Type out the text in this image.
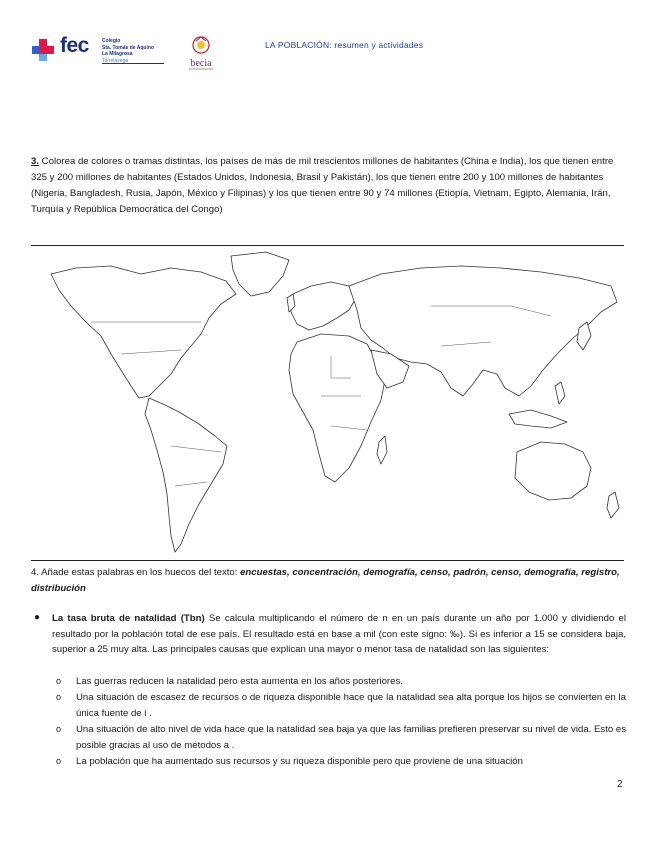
fec	Colegio
Sta. Tomás de Aquino
La Milagrosa
Torrelavega	becia
LA POBLACIÓN: resumen y actividades
3. Colorea de colores o tramas distintas, los países de más de mil trescientos millones de habitantes (China e India), los que tienen entre 325 y 200 millones de habitantes (Estados Unidos, Indonesia, Brasil y Pakistán), los que tienen entre 200 y 100 millones de habitantes (Nigeria, Bangladesh, Rusia, Japón, México y Filipinas) y los que tienen entre 90 y 74 millones (Etiopía, Vietnam, Egipto, Alemania, Irán, Turquía y República Democrática del Congo)
4. Añade estas palabras en los huecos del texto: encuestas, concentración, demografía, censo, padrón, censo, demografía, registro, distribución
● La tasa bruta de natalidad (Tbn) Se calcula multiplicando el número de n en un país durante un año por 1.000 y dividiendo el resultado por la población total de ese país. El resultado está en base a mil (con este signo: ‰). Si es inferior a 15 se considera baja, superior a 25 muy alta. Las principales causas que explican una mayor o menor tasa de natalidad son las siguientes:
o Las guerras reducen la natalidad pero esta aumenta en los años posteriores.
o Una situación de escasez de recursos o de riqueza disponible hace que la natalidad sea alta porque los hijos se convierten en la única fuente de i .
o Una situación de alto nivel de vida hace que la natalidad sea baja ya que las familias prefieren preservar su nivel de vida. Esto es posible gracias al uso de métodos a .
o La población que ha aumentado sus recursos y su riqueza disponible pero que proviene de una situación
2
